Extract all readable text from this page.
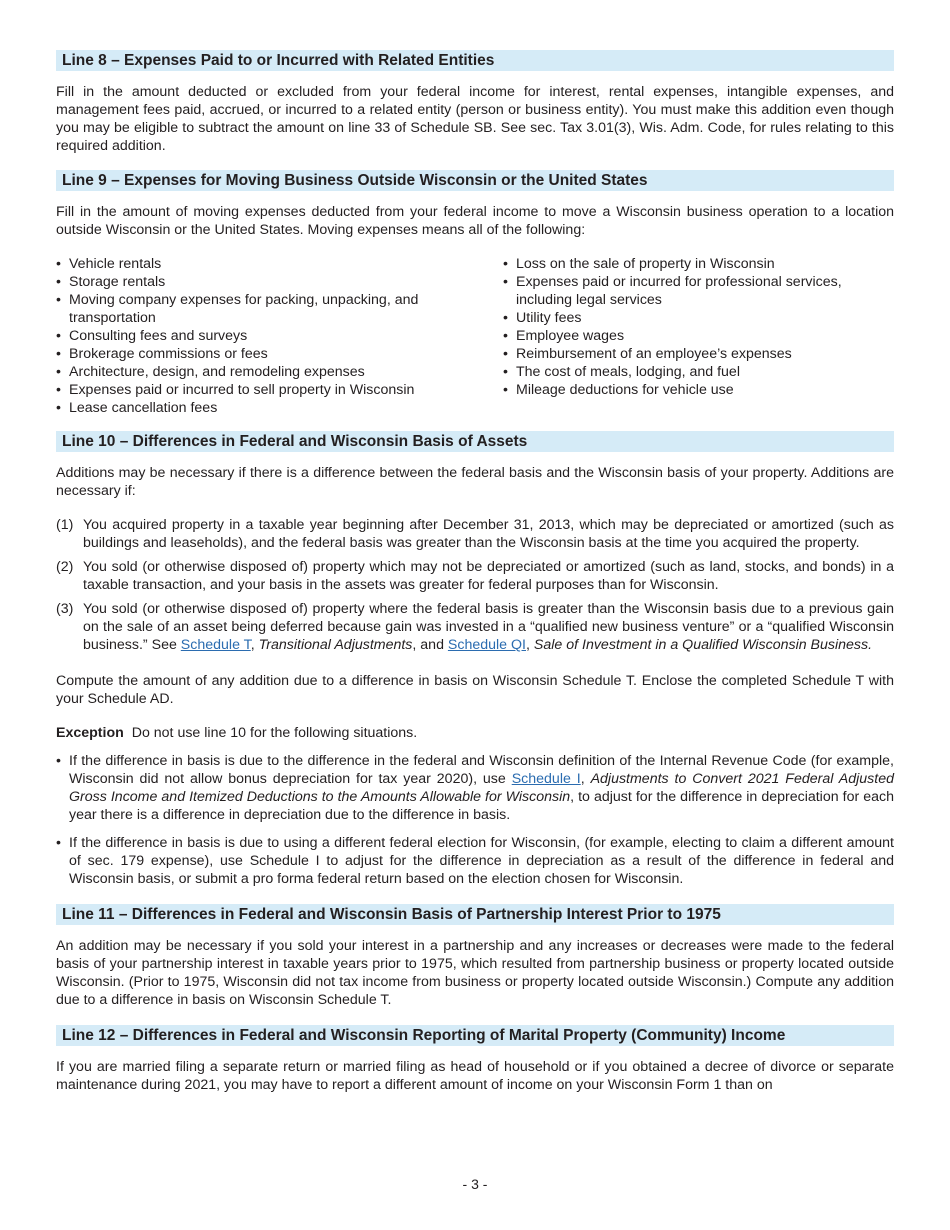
Line 8 – Expenses Paid to or Incurred with Related Entities

Fill in the amount deducted or excluded from your federal income for interest, rental expenses, intangible expenses, and management fees paid, accrued, or incurred to a related entity (person or business entity). You must make this addition even though you may be eligible to subtract the amount on line 33 of Schedule SB. See sec. Tax 3.01(3), Wis. Adm. Code, for rules relating to this required addition.

Line 9 – Expenses for Moving Business Outside Wisconsin or the United States

Fill in the amount of moving expenses deducted from your federal income to move a Wisconsin business operation to a location outside Wisconsin or the United States. Moving expenses means all of the following:

• Vehicle rentals
• Storage rentals
• Moving company expenses for packing, unpacking, and transportation
• Consulting fees and surveys
• Brokerage commissions or fees
• Architecture, design, and remodeling expenses
• Expenses paid or incurred to sell property in Wisconsin
• Lease cancellation fees
• Loss on the sale of property in Wisconsin
• Expenses paid or incurred for professional services, including legal services
• Utility fees
• Employee wages
• Reimbursement of an employee’s expenses
• The cost of meals, lodging, and fuel
• Mileage deductions for vehicle use
Line 10 – Differences in Federal and Wisconsin Basis of Assets

Additions may be necessary if there is a difference between the federal basis and the Wisconsin basis of your property. Additions are necessary if:

(1) You acquired property in a taxable year beginning after December 31, 2013, which may be depreciated or amortized (such as buildings and leaseholds), and the federal basis was greater than the Wisconsin basis at the time you acquired the property.
(2) You sold (or otherwise disposed of) property which may not be depreciated or amortized (such as land, stocks, and bonds) in a taxable transaction, and your basis in the assets was greater for federal purposes than for Wisconsin.
(3) You sold (or otherwise disposed of) property where the federal basis is greater than the Wisconsin basis due to a previous gain on the sale of an asset being deferred because gain was invested in a “qualified new business venture” or a “qualified Wisconsin business.” See Schedule T, Transitional Adjustments, and Schedule QI, Sale of Investment in a Qualified Wisconsin Business.

Compute the amount of any addition due to a difference in basis on Wisconsin Schedule T. Enclose the completed Schedule T with your Schedule AD.

Exception Do not use line 10 for the following situations.

• If the difference in basis is due to the difference in the federal and Wisconsin definition of the Internal Revenue Code (for example, Wisconsin did not allow bonus depreciation for tax year 2020), use Schedule I, Adjustments to Convert 2021 Federal Adjusted Gross Income and Itemized Deductions to the Amounts Allowable for Wisconsin, to adjust for the difference in depreciation for each year there is a difference in depreciation due to the difference in basis.
• If the difference in basis is due to using a different federal election for Wisconsin, (for example, electing to claim a different amount of sec. 179 expense), use Schedule I to adjust for the difference in depreciation as a result of the difference in federal and Wisconsin basis, or submit a pro forma federal return based on the election chosen for Wisconsin.
Line 11 – Differences in Federal and Wisconsin Basis of Partnership Interest Prior to 1975

An addition may be necessary if you sold your interest in a partnership and any increases or decreases were made to the federal basis of your partnership interest in taxable years prior to 1975, which resulted from partnership business or property located outside Wisconsin. (Prior to 1975, Wisconsin did not tax income from business or property located outside Wisconsin.) Compute any addition due to a difference in basis on Wisconsin Schedule T.

Line 12 – Differences in Federal and Wisconsin Reporting of Marital Property (Community) Income

If you are married filing a separate return or married filing as head of household or if you obtained a decree of divorce or separate maintenance during 2021, you may have to report a different amount of income on your Wisconsin Form 1 than on

- 3 -
